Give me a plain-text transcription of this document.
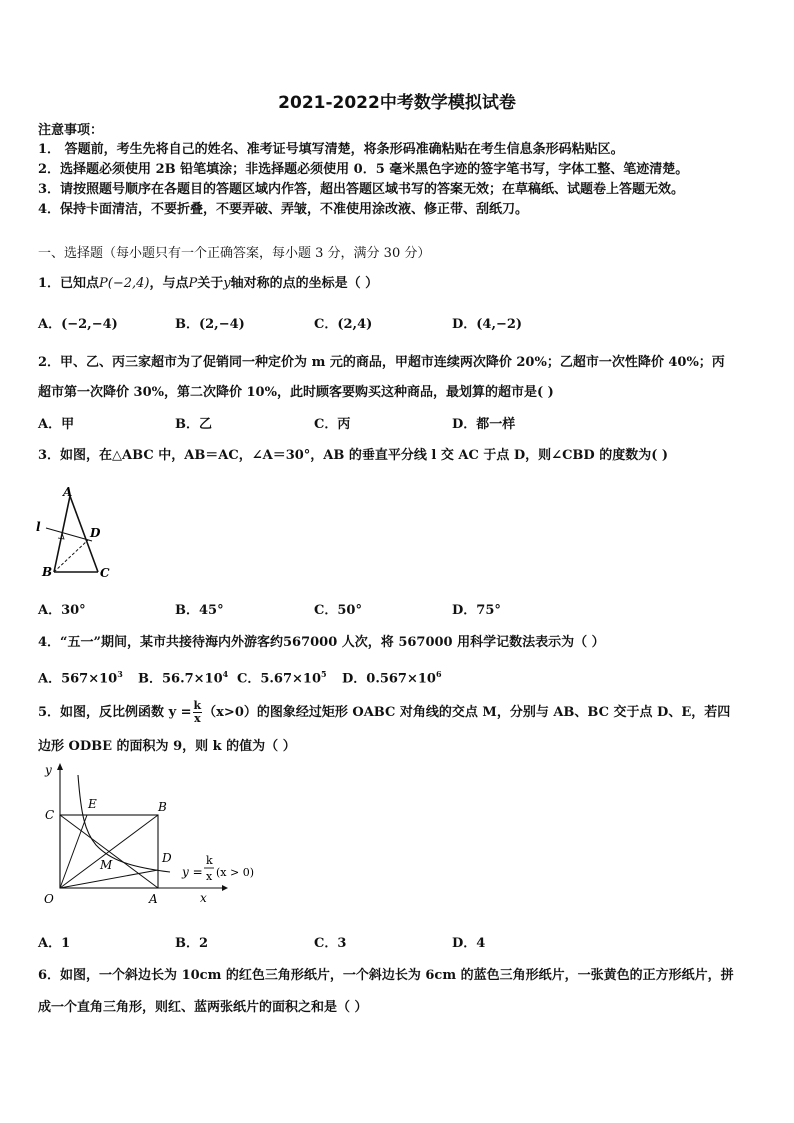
2021-2022中考数学模拟试卷
注意事项：
1． 答题前，考生先将自己的姓名、准考证号填写清楚，将条形码准确粘贴在考生信息条形码粘贴区。
2．选择题必须使用 2B 铅笔填涂；非选择题必须使用 0．5 毫米黑色字迹的签字笔书写，字体工整、笔迹清楚。
3．请按照题号顺序在各题目的答题区域内作答，超出答题区域书写的答案无效；在草稿纸、试题卷上答题无效。
4．保持卡面清洁，不要折叠，不要弄破、弄皱，不准使用涂改液、修正带、刮纸刀。
一、选择题（每小题只有一个正确答案，每小题 3 分，满分 30 分）
1．已知点P(−2,4)，与点P关于y轴对称的点的坐标是（ ）
A．(−2,−4)	B．(2,−4)	C．(2,4)	D．(4,−2)
2．甲、乙、丙三家超市为了促销同一种定价为 m 元的商品，甲超市连续两次降价 20%；乙超市一次性降价 40%；丙
超市第一次降价 30%，第二次降价 10%，此时顾客要购买这种商品，最划算的超市是( )
A．甲	B．乙	C．丙	D．都一样
3．如图，在△ABC 中，AB＝AC，∠A＝30°，AB 的垂直平分线 l 交 AC 于点 D，则∠CBD 的度数为( )
A
B	C
D
l
A．30°	B．45°	C．50°	D．75°
4．“五一”期间，某市共接待海内外游客约567000 人次，将 567000 用科学记数法表示为（ ）
A．$567\times 10^3$ B．$56.7\times 10^4$ C．$5.67\times 10^5$ D．$0.567\times 10^6$
5．如图，反比例函数 $y = \frac{k}{x} (x>0)$的图象经过矩形 OABC 对角线的交点 M，分别与 AB、BC 交于点 D、E，若四
边形 ODBE 的面积为 9，则 k 的值为（ ）
y
x
O	A
B
C
D
E
M	y =
k
x (x > 0)
A．1	B．2	C．3	D．4
6．如图，一个斜边长为 10cm 的红色三角形纸片，一个斜边长为 6cm 的蓝色三角形纸片，一张黄色的正方形纸片，拼
成一个直角三角形，则红、蓝两张纸片的面积之和是（ ）
